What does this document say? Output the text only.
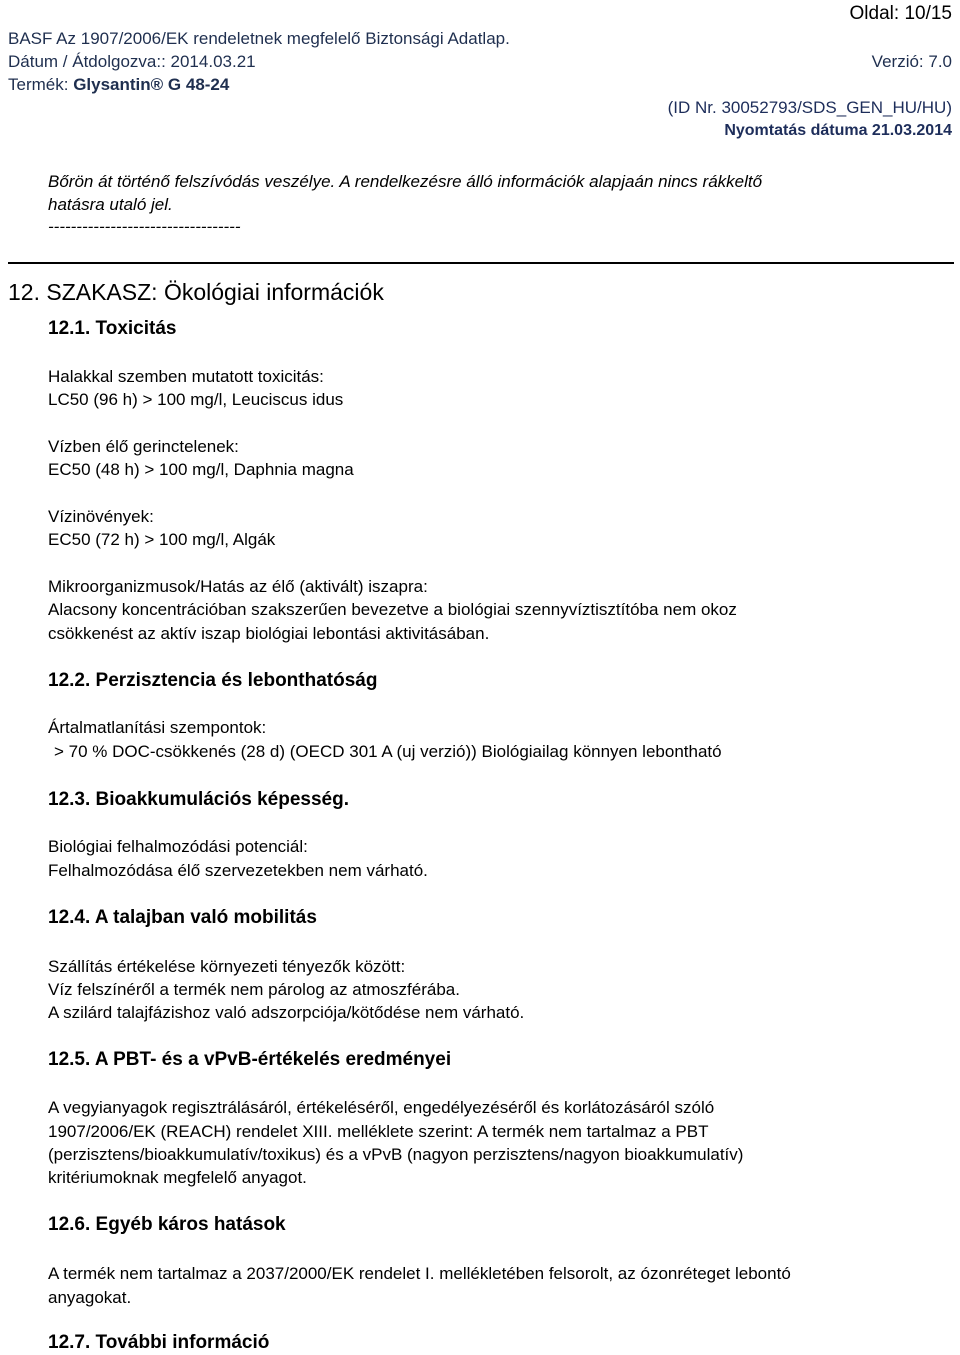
Oldal: 10/15
BASF Az 1907/2006/EK rendeletnek megfelelő Biztonsági Adatlap.
Dátum / Átdolgozva:: 2014.03.21	Verzió: 7.0
Termék: Glysantin® G 48-24
(ID Nr. 30052793/SDS_GEN_HU/HU)
Nyomtatás dátuma 21.03.2014
Bőrön át történő felszívódás veszélye. A rendelkezésre álló információk alapjaán nincs rákkeltő
hatásra utaló jel.
----------------------------------
12. SZAKASZ: Ökológiai információk
12.1. Toxicitás
Halakkal szemben mutatott toxicitás:
LC50 (96 h) > 100 mg/l, Leuciscus idus
Vízben élő gerinctelenek:
EC50 (48 h) > 100 mg/l, Daphnia magna
Vízinövények:
EC50 (72 h) > 100 mg/l, Algák
Mikroorganizmusok/Hatás az élő (aktivált) iszapra:
Alacsony koncentrációban szakszerűen bevezetve a biológiai szennyvíztisztítóba nem okoz
csökkenést az aktív iszap biológiai lebontási aktivitásában.
12.2. Perzisztencia és lebonthatóság
Ártalmatlanítási szempontok:
> 70 % DOC-csökkenés (28 d) (OECD 301 A (uj verzió)) Biológiailag könnyen lebontható
12.3. Bioakkumulációs képesség.
Biológiai felhalmozódási potenciál:
Felhalmozódása élő szervezetekben nem várható.
12.4. A talajban való mobilitás
Szállítás értékelése környezeti tényezők között:
Víz felszínéről a termék nem párolog az atmoszférába.
A szilárd talajfázishoz való adszorpciója/kötődése nem várható.
12.5. A PBT- és a vPvB-értékelés eredményei
A vegyianyagok regisztrálásáról, értékeléséről, engedélyezéséről és korlátozásáról szóló
1907/2006/EK (REACH) rendelet XIII. melléklete szerint: A termék nem tartalmaz a PBT
(perzisztens/bioakkumulatív/toxikus) és a vPvB (nagyon perzisztens/nagyon bioakkumulatív)
kritériumoknak megfelelő anyagot.
12.6. Egyéb káros hatások
A termék nem tartalmaz a 2037/2000/EK rendelet I. mellékletében felsorolt, az ózonréteget lebontó
anyagokat.
12.7. További információ
